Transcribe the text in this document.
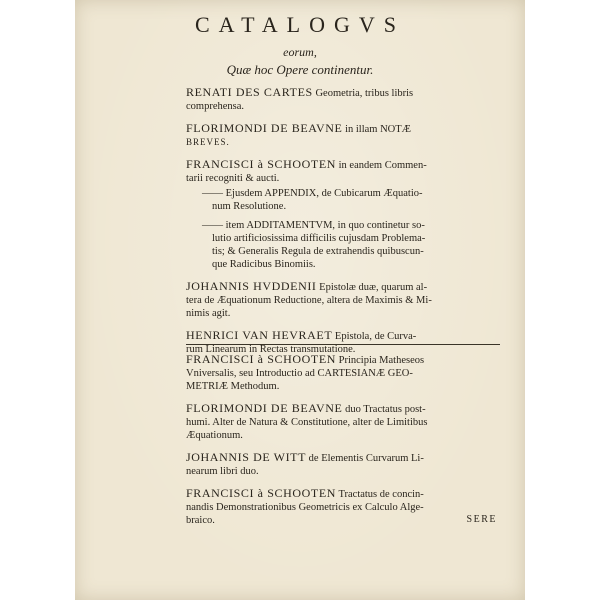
CATALOGVS
eorum,
Quæ hoc Opere continentur.
RENATI DES CARTES Geometria, tribus libris
comprehensa.
FLORIMONDI DE BEAVNE in illam NOTÆ
BREVES.
FRANCISCI à SCHOOTEN in eandem Commen-
tarii recogniti & aucti.
—— Ejusdem APPENDIX, de Cubicarum Æquatio-
num Resolutione.
—— item ADDITAMENTVM, in quo continetur so-
lutio artificiosissima difficilis cujusdam Problema-
tis; & Generalis Regula de extrahendis quibuscun-
que Radicibus Binomiis.
JOHANNIS HVDDENII Epistolæ duæ, quarum al-
tera de Æquationum Reductione, altera de Maximis & Mi-
nimis agit.
HENRICI VAN HEVRAET Epistola, de Curva-
rum Linearum in Rectas transmutatione.
FRANCISCI à SCHOOTEN Principia Matheseos
Vniversalis, seu Introductio ad CARTESIANÆ GEO-
METRIÆ Methodum.
FLORIMONDI DE BEAVNE duo Tractatus post-
humi. Alter de Natura & Constitutione, alter de Limitibus
Æquationum.
JOHANNIS DE WITT de Elementis Curvarum Li-
nearum libri duo.
FRANCISCI à SCHOOTEN Tractatus de concin-
nandis Demonstrationibus Geometricis ex Calculo Alge-
braico.	SERE
